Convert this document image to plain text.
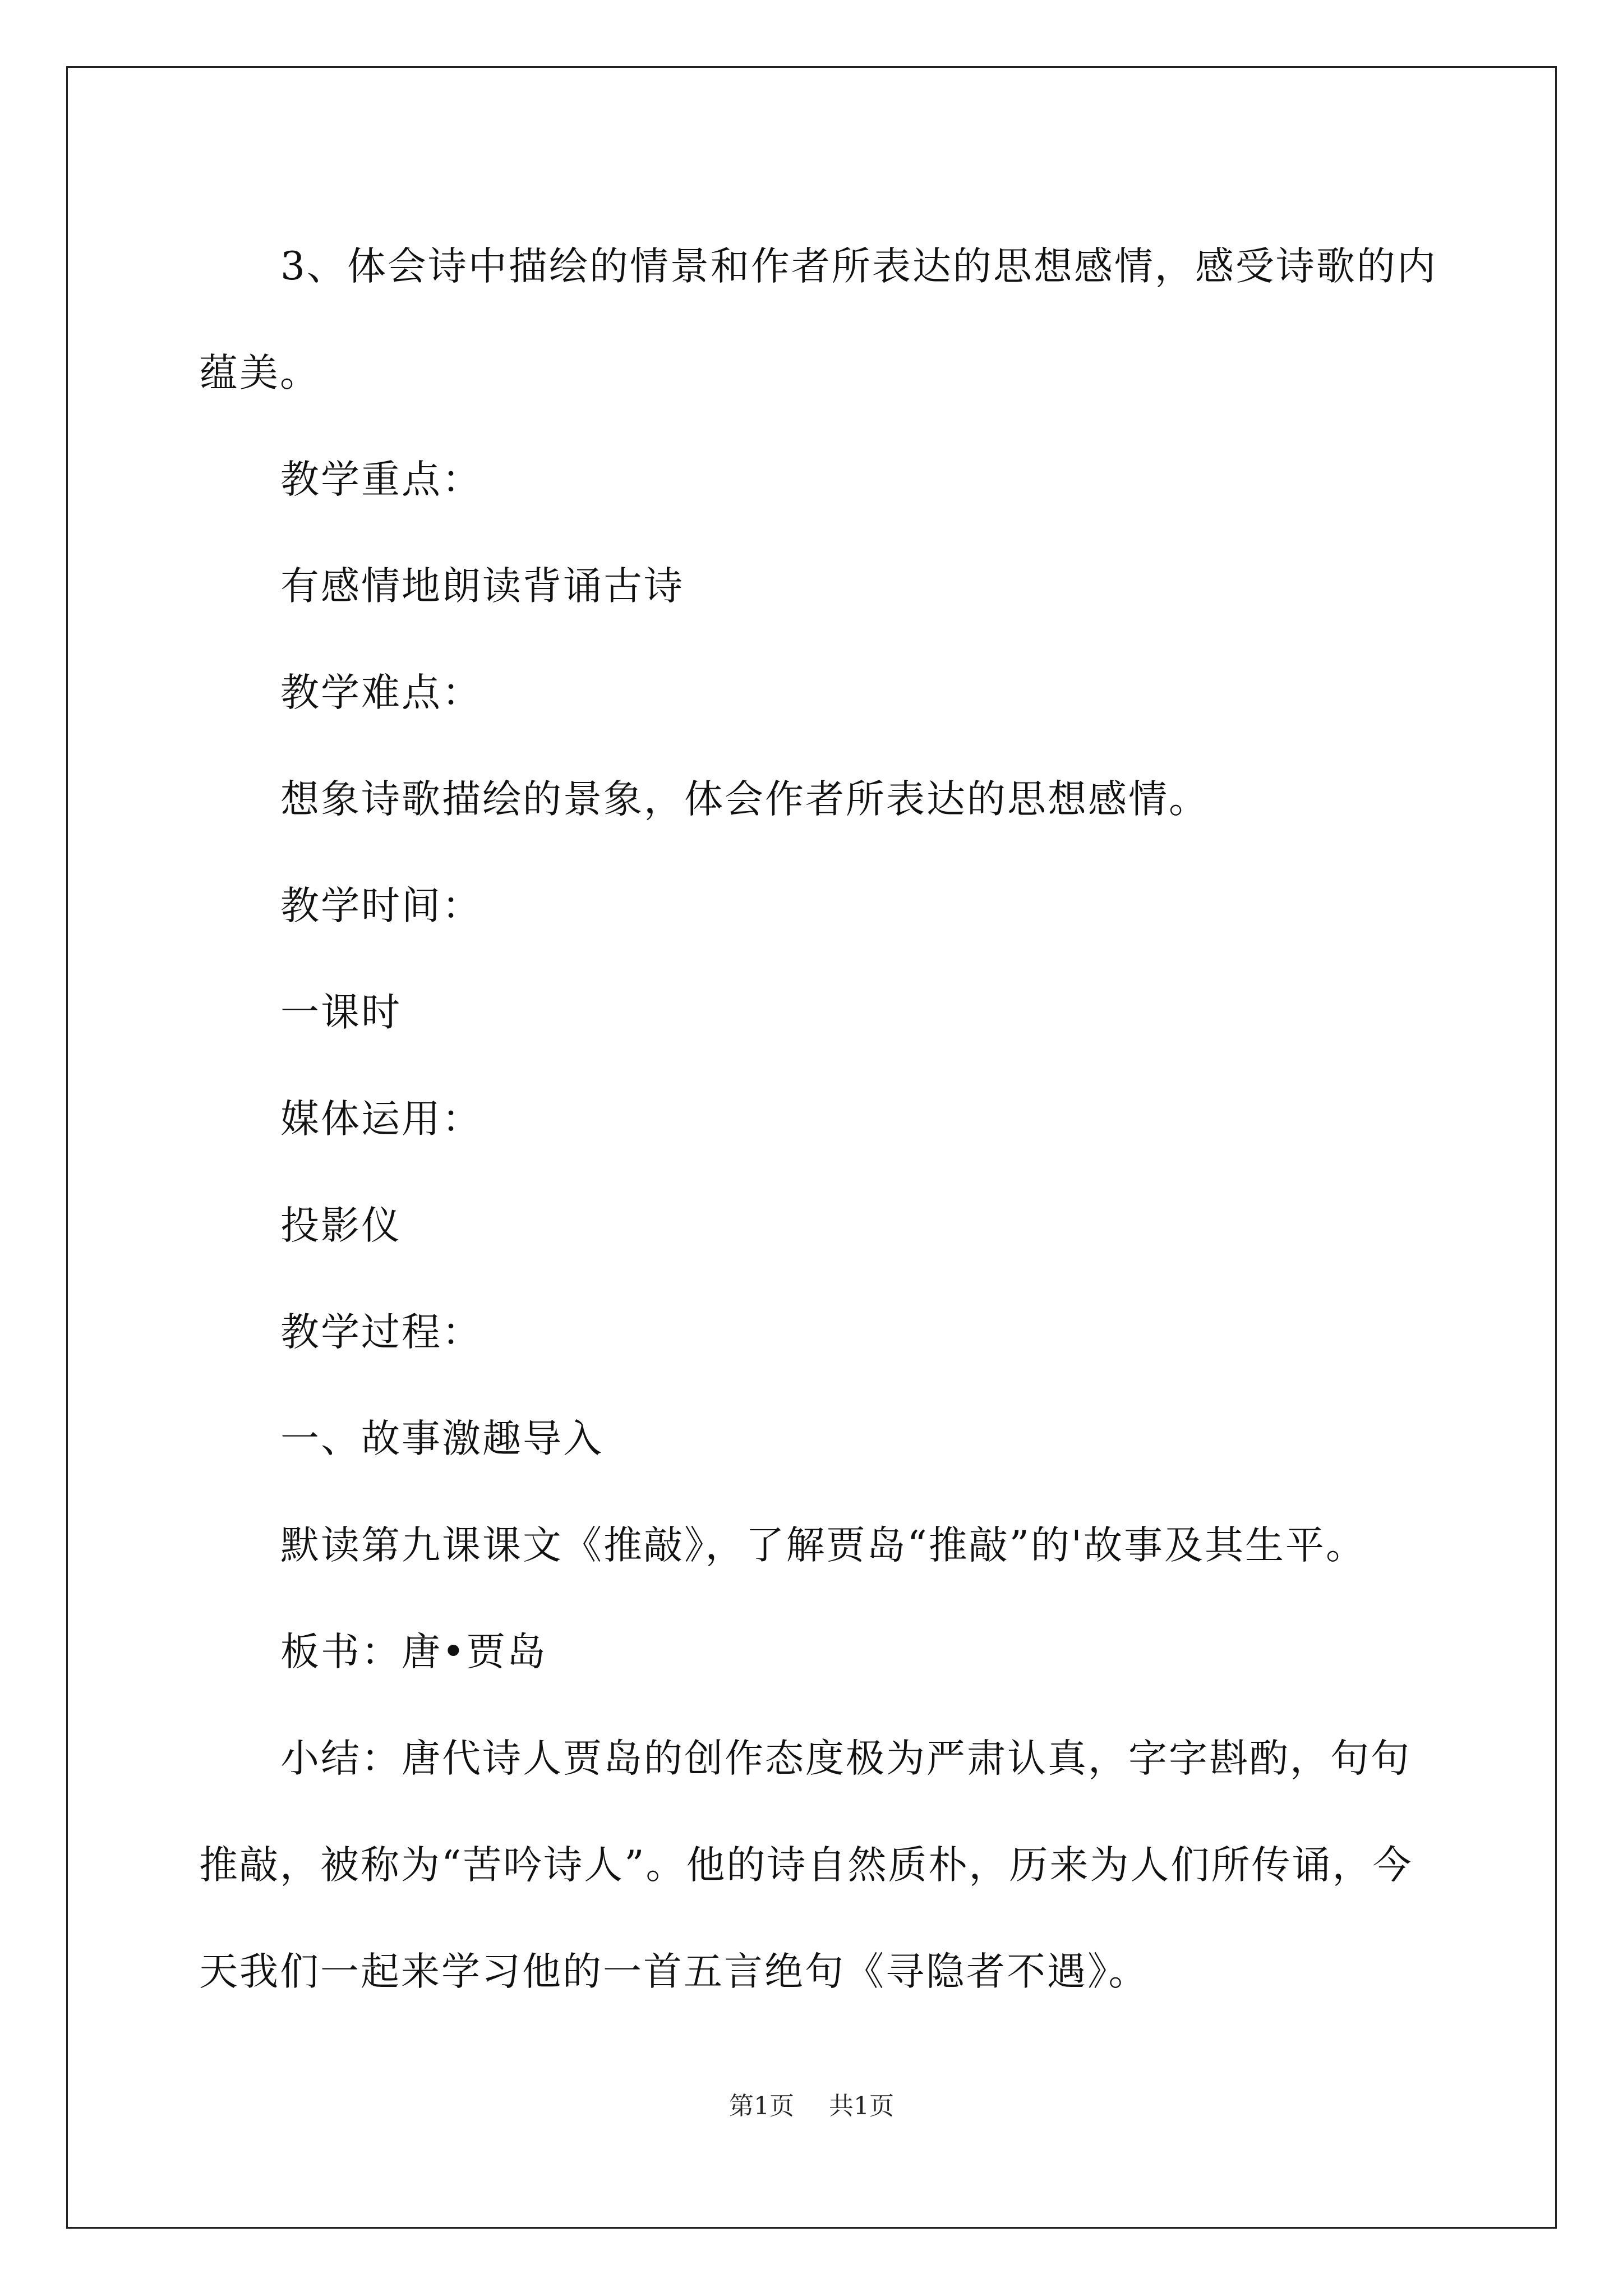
3、体会诗中描绘的情景和作者所表达的思想感情，感受诗歌的内
蕴美。
教学重点：
有感情地朗读背诵古诗
教学难点：
想象诗歌描绘的景象，体会作者所表达的思想感情。
教学时间：
一课时
媒体运用：
投影仪
教学过程：
一、故事激趣导入
默读第九课课文《推敲》，了解贾岛“推敲”的'故事及其生平。
板书：唐•贾岛
小结：唐代诗人贾岛的创作态度极为严肃认真，字字斟酌，句句
推敲，被称为“苦吟诗人”。他的诗自然质朴，历来为人们所传诵，今
天我们一起来学习他的一首五言绝句《寻隐者不遇》。
第1页 共1页
